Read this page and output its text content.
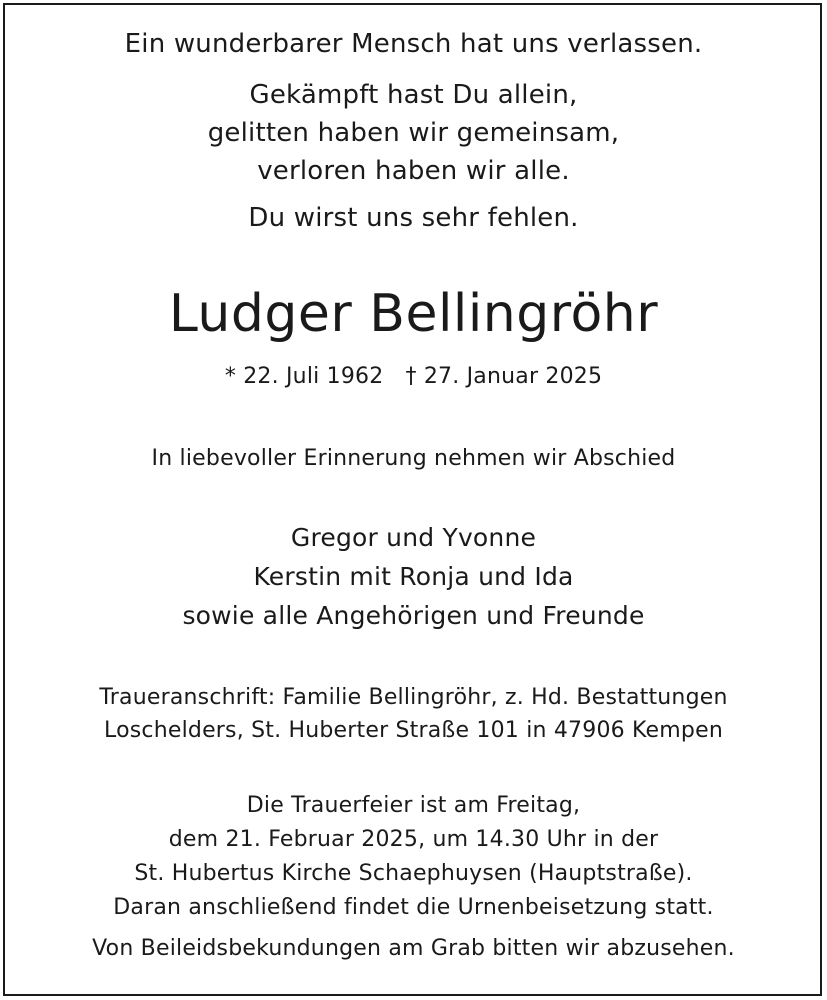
Ein wunderbarer Mensch hat uns verlassen.
Gekämpft hast Du allein,
gelitten haben wir gemeinsam,
verloren haben wir alle.
Du wirst uns sehr fehlen.
Ludger Bellingröhr
* 22. Juli 1962 † 27. Januar 2025
In liebevoller Erinnerung nehmen wir Abschied
Gregor und Yvonne
Kerstin mit Ronja und Ida
sowie alle Angehörigen und Freunde
Traueranschrift: Familie Bellingröhr, z. Hd. Bestattungen
Loschelders, St. Huberter Straße 101 in 47906 Kempen
Die Trauerfeier ist am Freitag,
dem 21. Februar 2025, um 14.30 Uhr in der
St. Hubertus Kirche Schaephuysen (Hauptstraße).
Daran anschließend findet die Urnenbeisetzung statt.
Von Beileidsbekundungen am Grab bitten wir abzusehen.
